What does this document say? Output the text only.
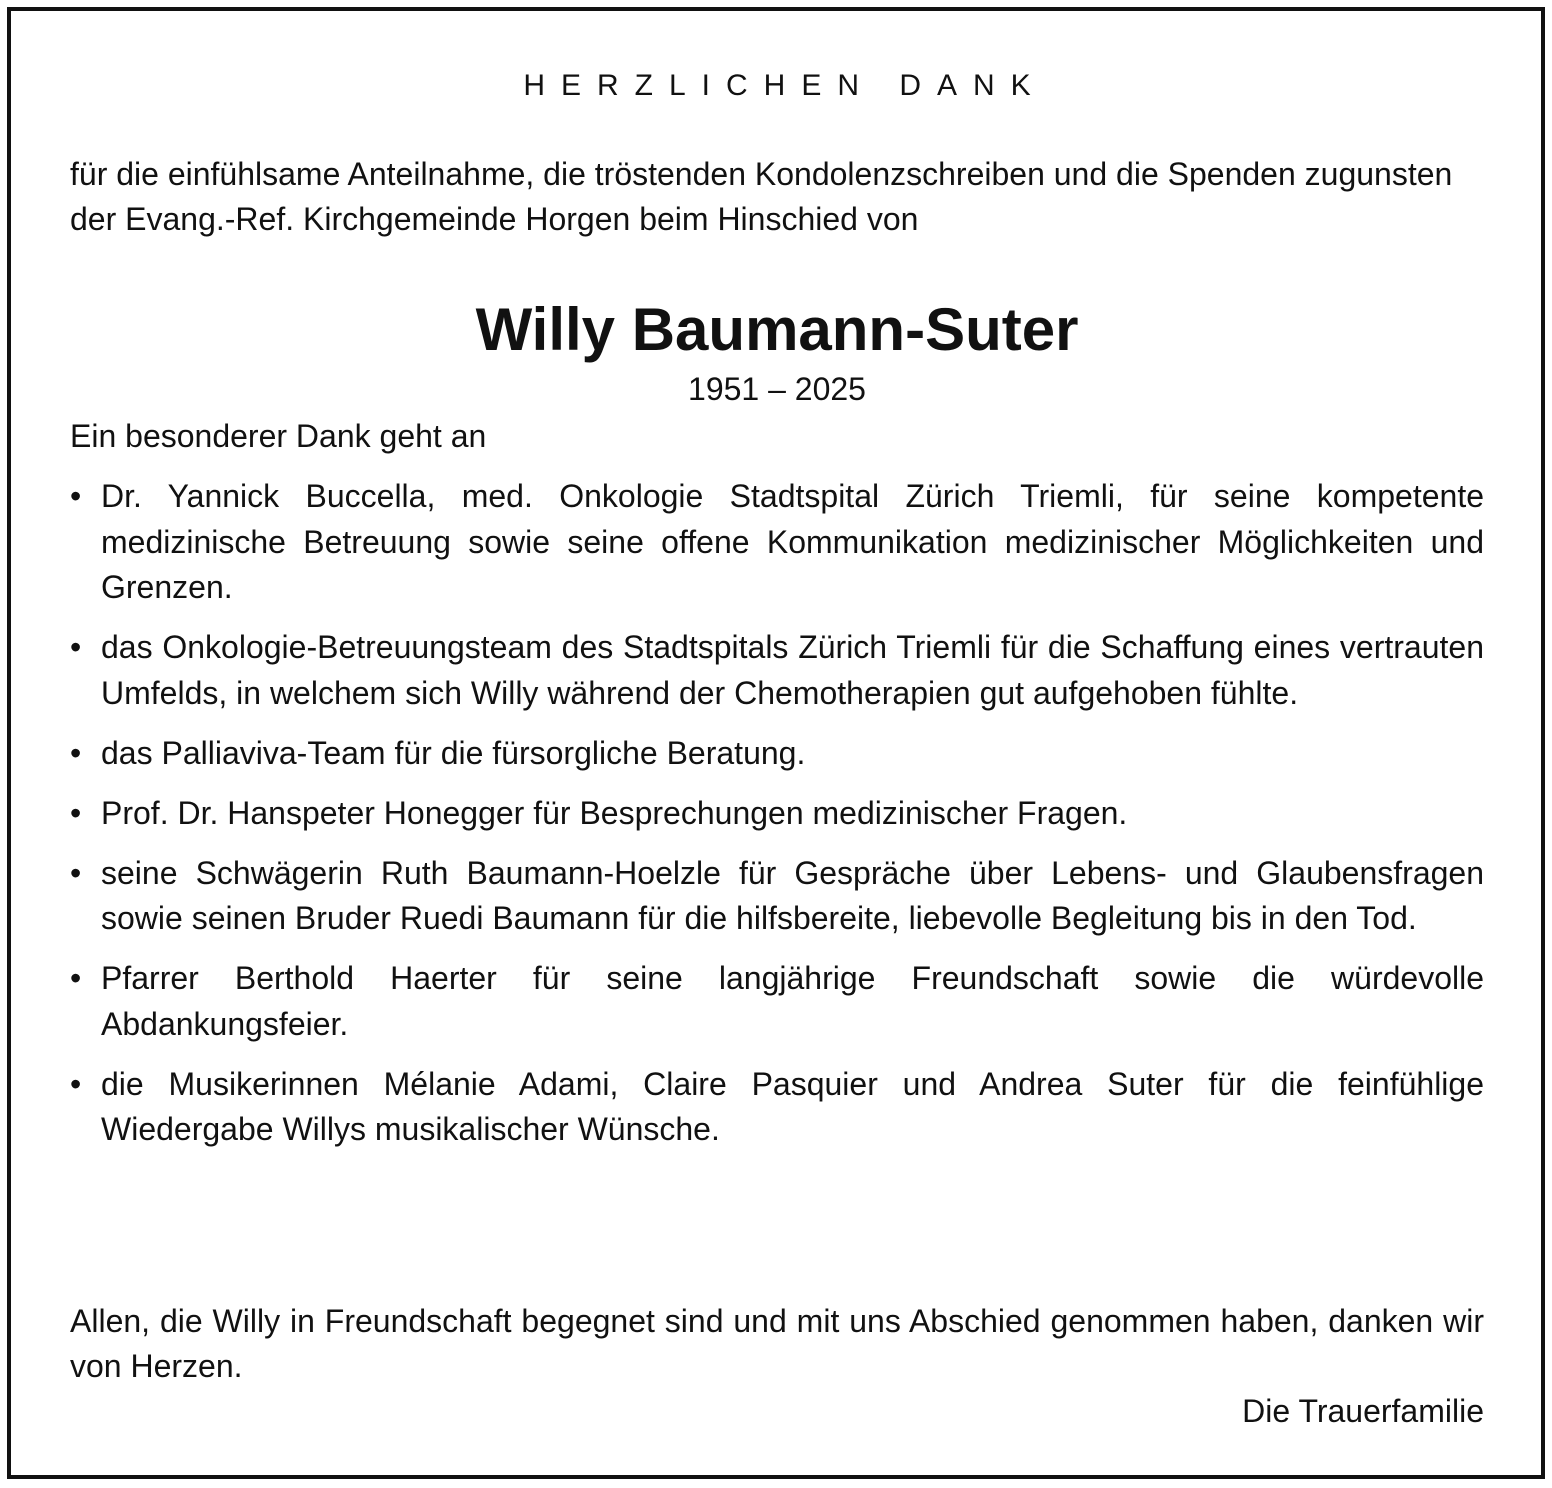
HERZLICHEN DANK

für die einfühlsame Anteilnahme, die tröstenden Kondolenzschreiben und die Spenden zugunsten der Evang.-Ref. Kirchgemeinde Horgen beim Hinschied von

Willy Baumann-Suter
1951 – 2025
Ein besonderer Dank geht an
• Dr. Yannick Buccella, med. Onkologie Stadtspital Zürich Triemli, für seine kompetente medizinische Betreuung sowie seine offene Kommunikation medizinischer Möglichkeiten und Grenzen.
• das Onkologie-Betreuungsteam des Stadtspitals Zürich Triemli für die Schaffung eines vertrauten Umfelds, in welchem sich Willy während der Chemotherapien gut aufgehoben fühlte.
• das Palliaviva-Team für die fürsorgliche Beratung.
• Prof. Dr. Hanspeter Honegger für Besprechungen medizinischer Fragen.
• seine Schwägerin Ruth Baumann-Hoelzle für Gespräche über Lebens- und Glaubensfragen sowie seinen Bruder Ruedi Baumann für die hilfsbereite, liebevolle Begleitung bis in den Tod.
• Pfarrer Berthold Haerter für seine langjährige Freundschaft sowie die würdevolle Abdankungsfeier.
• die Musikerinnen Mélanie Adami, Claire Pasquier und Andrea Suter für die feinfühlige Wiedergabe Willys musikalischer Wünsche.

Allen, die Willy in Freundschaft begegnet sind und mit uns Abschied genommen haben, danken wir von Herzen.

Die Trauerfamilie
